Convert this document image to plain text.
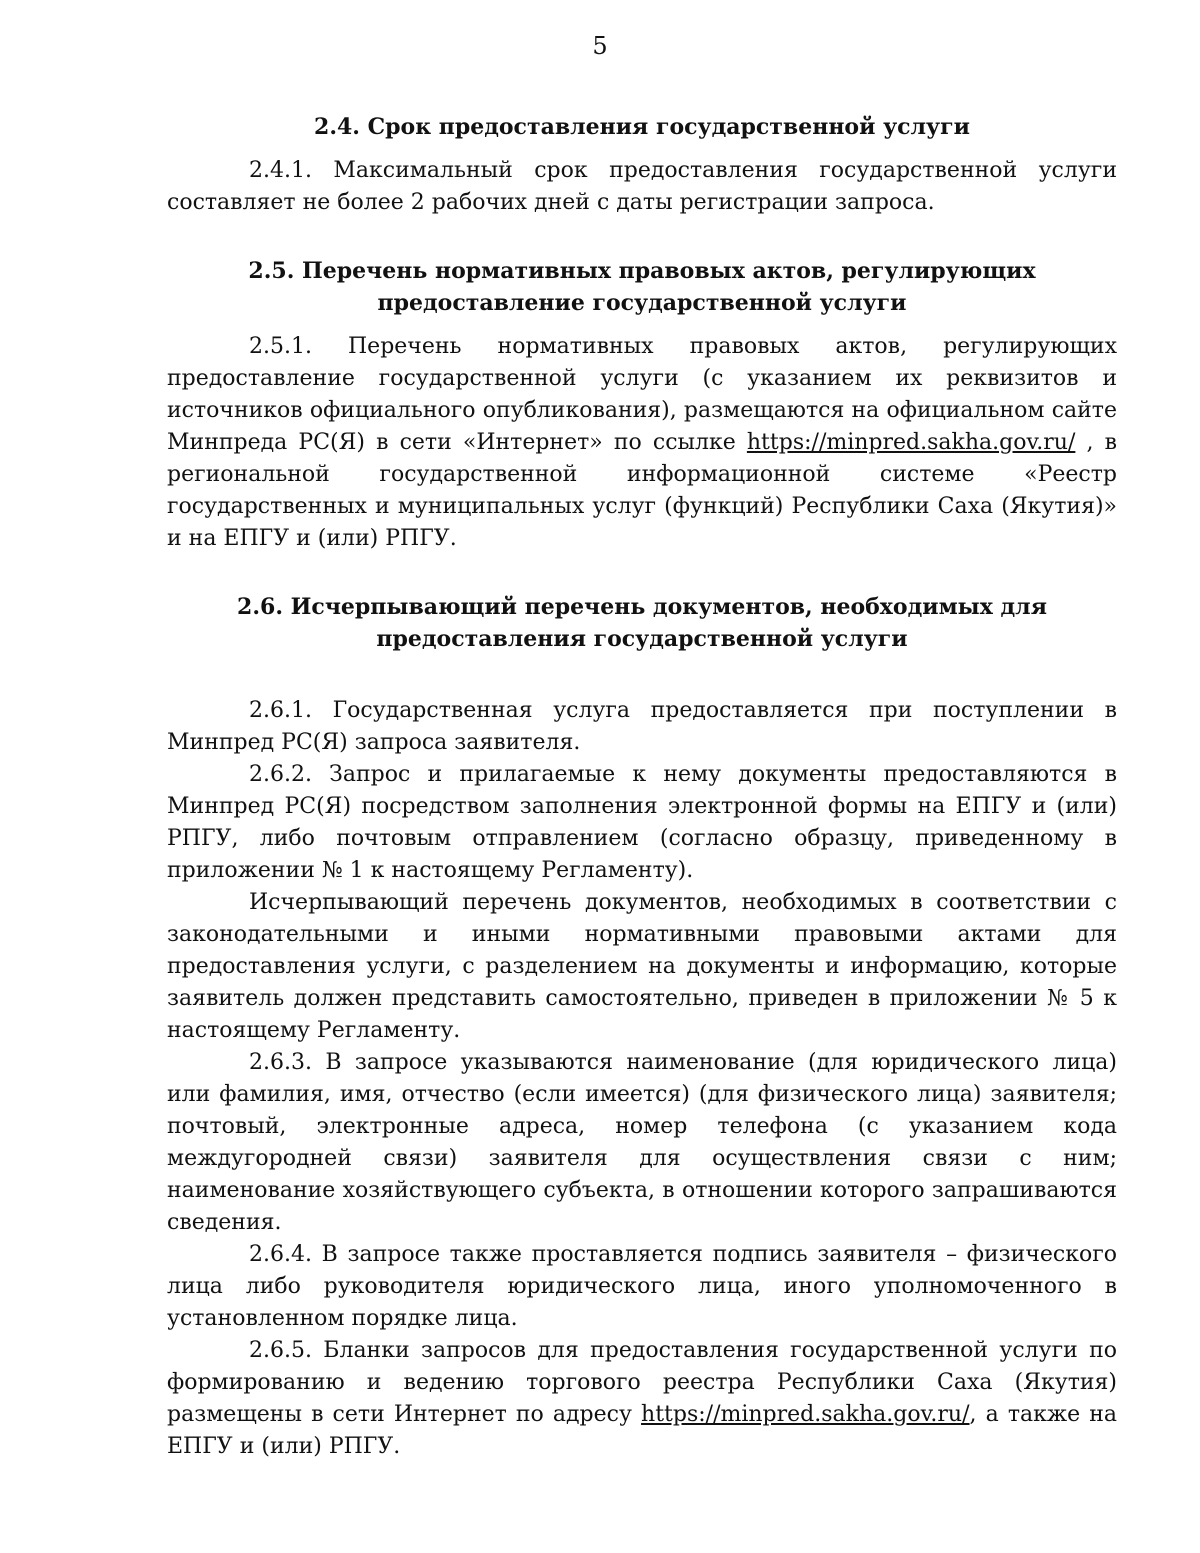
5
2.4. Срок предоставления государственной услуги

2.4.1. Максимальный срок предоставления государственной услуги составляет не более 2 рабочих дней с даты регистрации запроса.

2.5. Перечень нормативных правовых актов, регулирующих
предоставление государственной услуги

2.5.1. Перечень нормативных правовых актов, регулирующих предоставление государственной услуги (с указанием их реквизитов и источников официального опубликования), размещаются на официальном сайте Минпреда РС(Я) в сети «Интернет» по ссылке https://minpred.sakha.gov.ru/ , в региональной государственной информационной системе «Реестр государственных и муниципальных услуг (функций) Республики Саха (Якутия)» и на ЕПГУ и (или) РПГУ.

2.6. Исчерпывающий перечень документов, необходимых для
предоставления государственной услуги

2.6.1. Государственная услуга предоставляется при поступлении в Минпред РС(Я) запроса заявителя.

2.6.2. Запрос и прилагаемые к нему документы предоставляются в Минпред РС(Я) посредством заполнения электронной формы на ЕПГУ и (или) РПГУ, либо почтовым отправлением (согласно образцу, приведенному в приложении № 1 к настоящему Регламенту).

Исчерпывающий перечень документов, необходимых в соответствии с законодательными и иными нормативными правовыми актами для предоставления услуги, с разделением на документы и информацию, которые заявитель должен представить самостоятельно, приведен в приложении № 5 к настоящему Регламенту.

2.6.3. В запросе указываются наименование (для юридического лица) или фамилия, имя, отчество (если имеется) (для физического лица) заявителя; почтовый, электронные адреса, номер телефона (с указанием кода междугородней связи) заявителя для осуществления связи с ним; наименование хозяйствующего субъекта, в отношении которого запрашиваются сведения.

2.6.4. В запросе также проставляется подпись заявителя – физического лица либо руководителя юридического лица, иного уполномоченного в установленном порядке лица.

2.6.5. Бланки запросов для предоставления государственной услуги по формированию и ведению торгового реестра Республики Саха (Якутия) размещены в сети Интернет по адресу https://minpred.sakha.gov.ru/, а также на ЕПГУ и (или) РПГУ.
